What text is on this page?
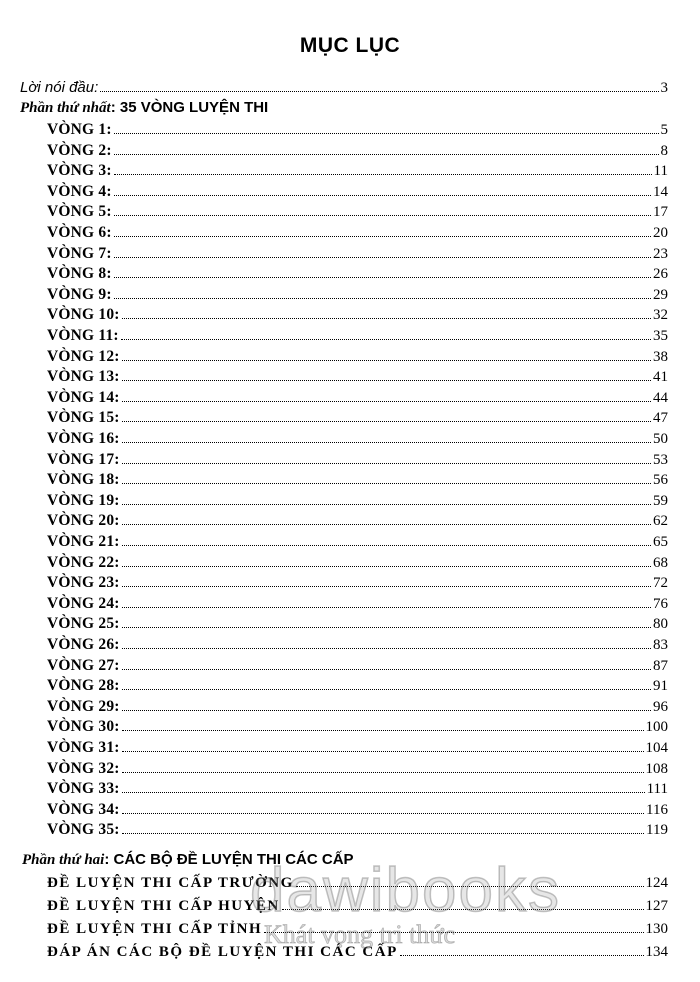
MỤC LỤC
Lời nói đầu:	3
Phần thứ nhất: 35 VÒNG LUYỆN THI
VÒNG 1:	5
VÒNG 2:	8
VÒNG 3:	11
VÒNG 4:	14
VÒNG 5:	17
VÒNG 6:	20
VÒNG 7:	23
VÒNG 8:	26
VÒNG 9:	29
VÒNG 10:	32
VÒNG 11:	35
VÒNG 12:	38
VÒNG 13:	41
VÒNG 14:	44
VÒNG 15:	47
VÒNG 16:	50
VÒNG 17:	53
VÒNG 18:	56
VÒNG 19:	59
VÒNG 20:	62
VÒNG 21:	65
VÒNG 22:	68
VÒNG 23:	72
VÒNG 24:	76
VÒNG 25:	80
VÒNG 26:	83
VÒNG 27:	87
VÒNG 28:	91
VÒNG 29:	96
VÒNG 30:	100
VÒNG 31:	104
VÒNG 32:	108
VÒNG 33:	111
VÒNG 34:	116
VÒNG 35:	119
Phần thứ hai: CÁC BỘ ĐỀ LUYỆN THI CÁC CẤP
ĐỀ LUYỆN THI CẤP TRƯỜNG	124
ĐỀ LUYỆN THI CẤP HUYỆN	127
ĐỀ LUYỆN THI CẤP TỈNH	130
ĐÁP ÁN CÁC BỘ ĐỀ LUYỆN THI CÁC CẤP	134
dawibooks
Khát vọng tri thức
